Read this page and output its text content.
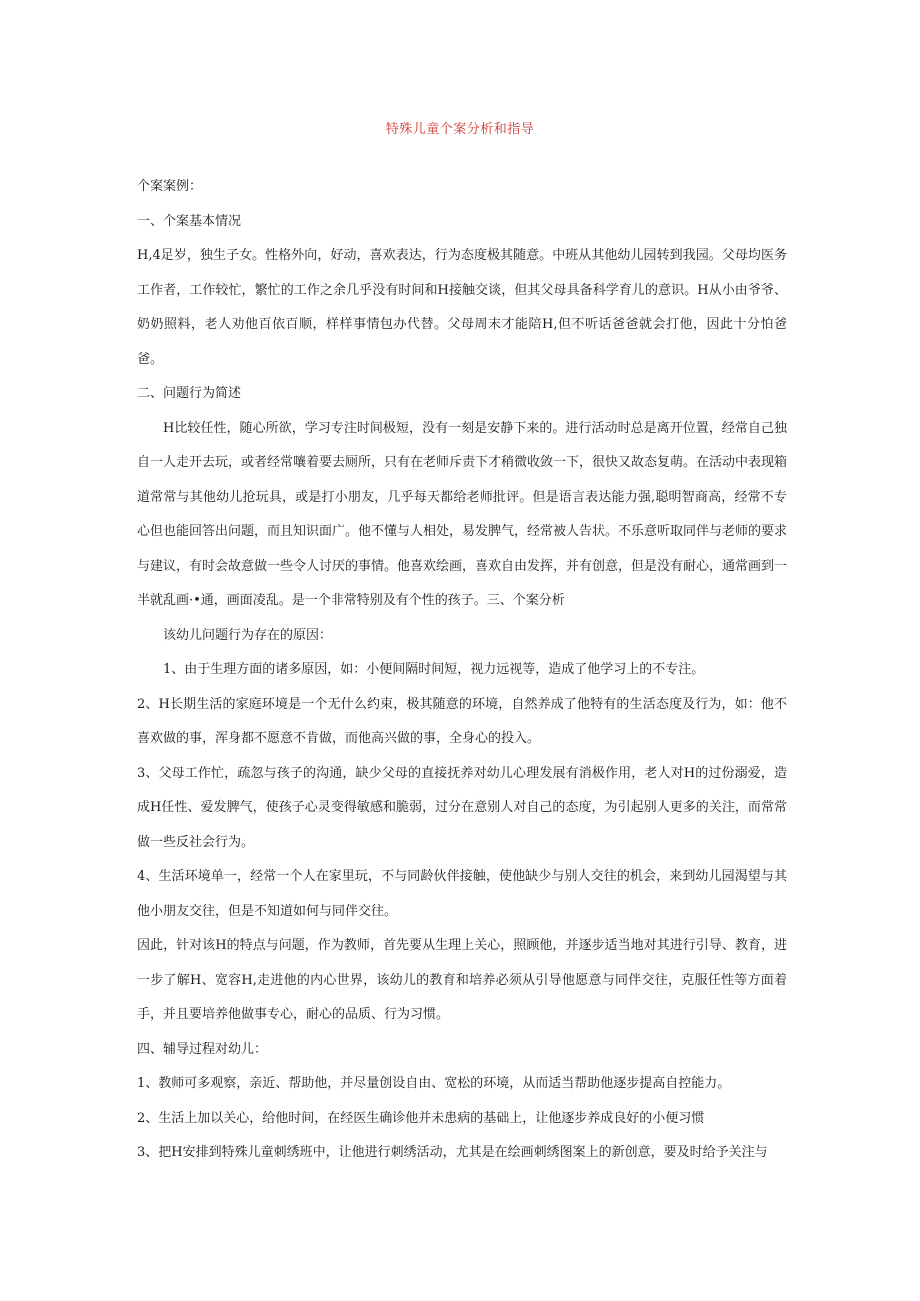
特殊儿童个案分析和指导

个案案例：

一、个案基本情况

H,4足岁，独生子女。性格外向，好动，喜欢表达，行为态度极其随意。中班从其他幼儿园转到我园。父母均医务工作者，工作较忙，繁忙的工作之余几乎没有时间和H接触交谈，但其父母具备科学育儿的意识。H从小由爷爷、奶奶照料，老人劝他百依百顺，样样事情包办代替。父母周末才能陪H,但不听话爸爸就会打他，因此十分怕爸爸。

二、问题行为简述

H比较任性，随心所欲，学习专注时间极短，没有一刻是安静下来的。进行活动时总是离开位置，经常自己独自一人走开去玩，或者经常嚷着要去厕所，只有在老师斥责下才稍微收敛一下，很快又故态复萌。在活动中表现箱道常常与其他幼儿抢玩具，或是打小朋友，几乎每天都给老师批评。但是语言表达能力强,聪明智商高，经常不专心但也能回答出问题，而且知识面广。他不懂与人相处，易发脾气，经常被人告状。不乐意听取同伴与老师的要求与建议，有时会故意做一些令人讨厌的事情。他喜欢绘画，喜欢自由发挥，并有创意，但是没有耐心，通常画到一半就乱画·•通，画面凌乱。是一个非常特别及有个性的孩子。三、个案分析

该幼儿问题行为存在的原因：

1、由于生理方面的诸多原因，如：小便间隔时间短，视力远视等，造成了他学习上的不专注。

2、H长期生活的家庭环境是一个无什么约束，极其随意的环境，自然养成了他特有的生活态度及行为，如：他不喜欢做的事，浑身都不愿意不肯做，而他高兴做的事，全身心的投入。

3、父母工作忙，疏忽与孩子的沟通，缺少父母的直接抚养对幼儿心理发展有消极作用，老人对H的过份溺爱，造成H任性、爱发脾气，使孩子心灵变得敏感和脆弱，过分在意别人对自己的态度，为引起别人更多的关注，而常常做一些反社会行为。

4、生活环境单一，经常一个人在家里玩，不与同龄伙伴接触，使他缺少与别人交往的机会，来到幼儿园渴望与其他小朋友交往，但是不知道如何与同伴交往。

因此，针对该H的特点与问题，作为教师，首先要从生理上关心，照顾他，并逐步适当地对其进行引导、教育，进一步了解H、宽容H,走进他的内心世界，该幼儿的教育和培养必须从引导他愿意与同伴交往，克服任性等方面着手，并且要培养他做事专心，耐心的品质、行为习惯。

四、辅导过程对幼儿：

1、教师可多观察，亲近、帮助他，并尽量创设自由、宽松的环境，从而适当帮助他逐步提高自控能力。

2、生活上加以关心，给他时间，在经医生确诊他并未患病的基础上，让他逐步养成良好的小便习惯

3、把H安排到特殊儿童刺绣班中，让他进行刺绣活动，尤其是在绘画刺绣图案上的新创意，要及时给予关注与
